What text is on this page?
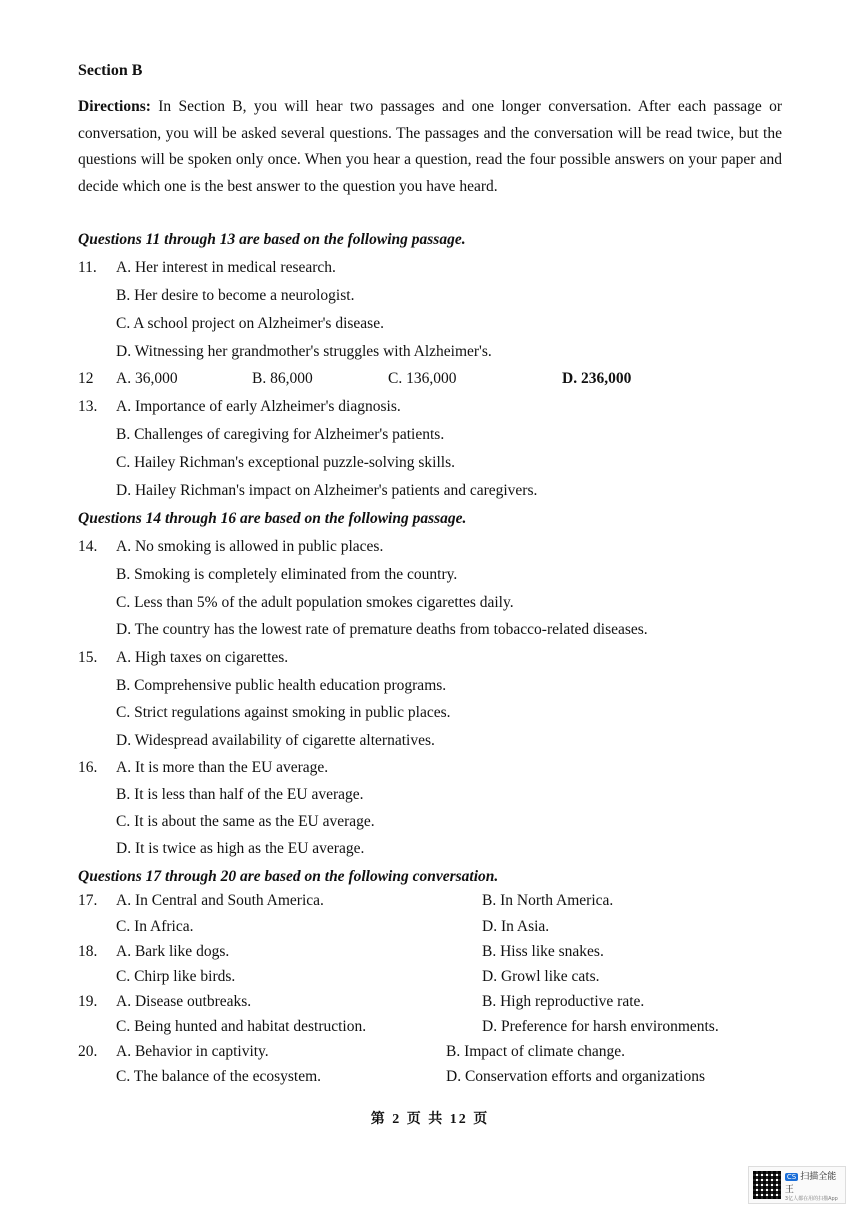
Section B
Directions: In Section B, you will hear two passages and one longer conversation. After each passage or conversation, you will be asked several questions. The passages and the conversation will be read twice, but the questions will be spoken only once. When you hear a question, read the four possible answers on your paper and decide which one is the best answer to the question you have heard.
Questions 11 through 13 are based on the following passage.
11. A. Her interest in medical research.
B. Her desire to become a neurologist.
C. A school project on Alzheimer's disease.
D. Witnessing her grandmother's struggles with Alzheimer's.
12 A. 36,000	B. 86,000	C. 136,000	D. 236,000
13. A. Importance of early Alzheimer's diagnosis.
B. Challenges of caregiving for Alzheimer's patients.
C. Hailey Richman's exceptional puzzle-solving skills.
D. Hailey Richman's impact on Alzheimer's patients and caregivers.
Questions 14 through 16 are based on the following passage.
14. A. No smoking is allowed in public places.
B. Smoking is completely eliminated from the country.
C. Less than 5% of the adult population smokes cigarettes daily.
D. The country has the lowest rate of premature deaths from tobacco-related diseases.
15. A. High taxes on cigarettes.
B. Comprehensive public health education programs.
C. Strict regulations against smoking in public places.
D. Widespread availability of cigarette alternatives.
16. A. It is more than the EU average.
B. It is less than half of the EU average.
C. It is about the same as the EU average.
D. It is twice as high as the EU average.
Questions 17 through 20 are based on the following conversation.
17. A. In Central and South America.	B. In North America.
C. In Africa.	D. In Asia.
18. A. Bark like dogs.	B. Hiss like snakes.
C. Chirp like birds.	D. Growl like cats.
19. A. Disease outbreaks.	B. High reproductive rate.
C. Being hunted and habitat destruction.	D. Preference for harsh environments.
20. A. Behavior in captivity.	B. Impact of climate change.
C. The balance of the ecosystem.	D. Conservation efforts and organizations
第 2 页 共 12 页
CS 扫描全能王
3亿人都在用的扫描App
